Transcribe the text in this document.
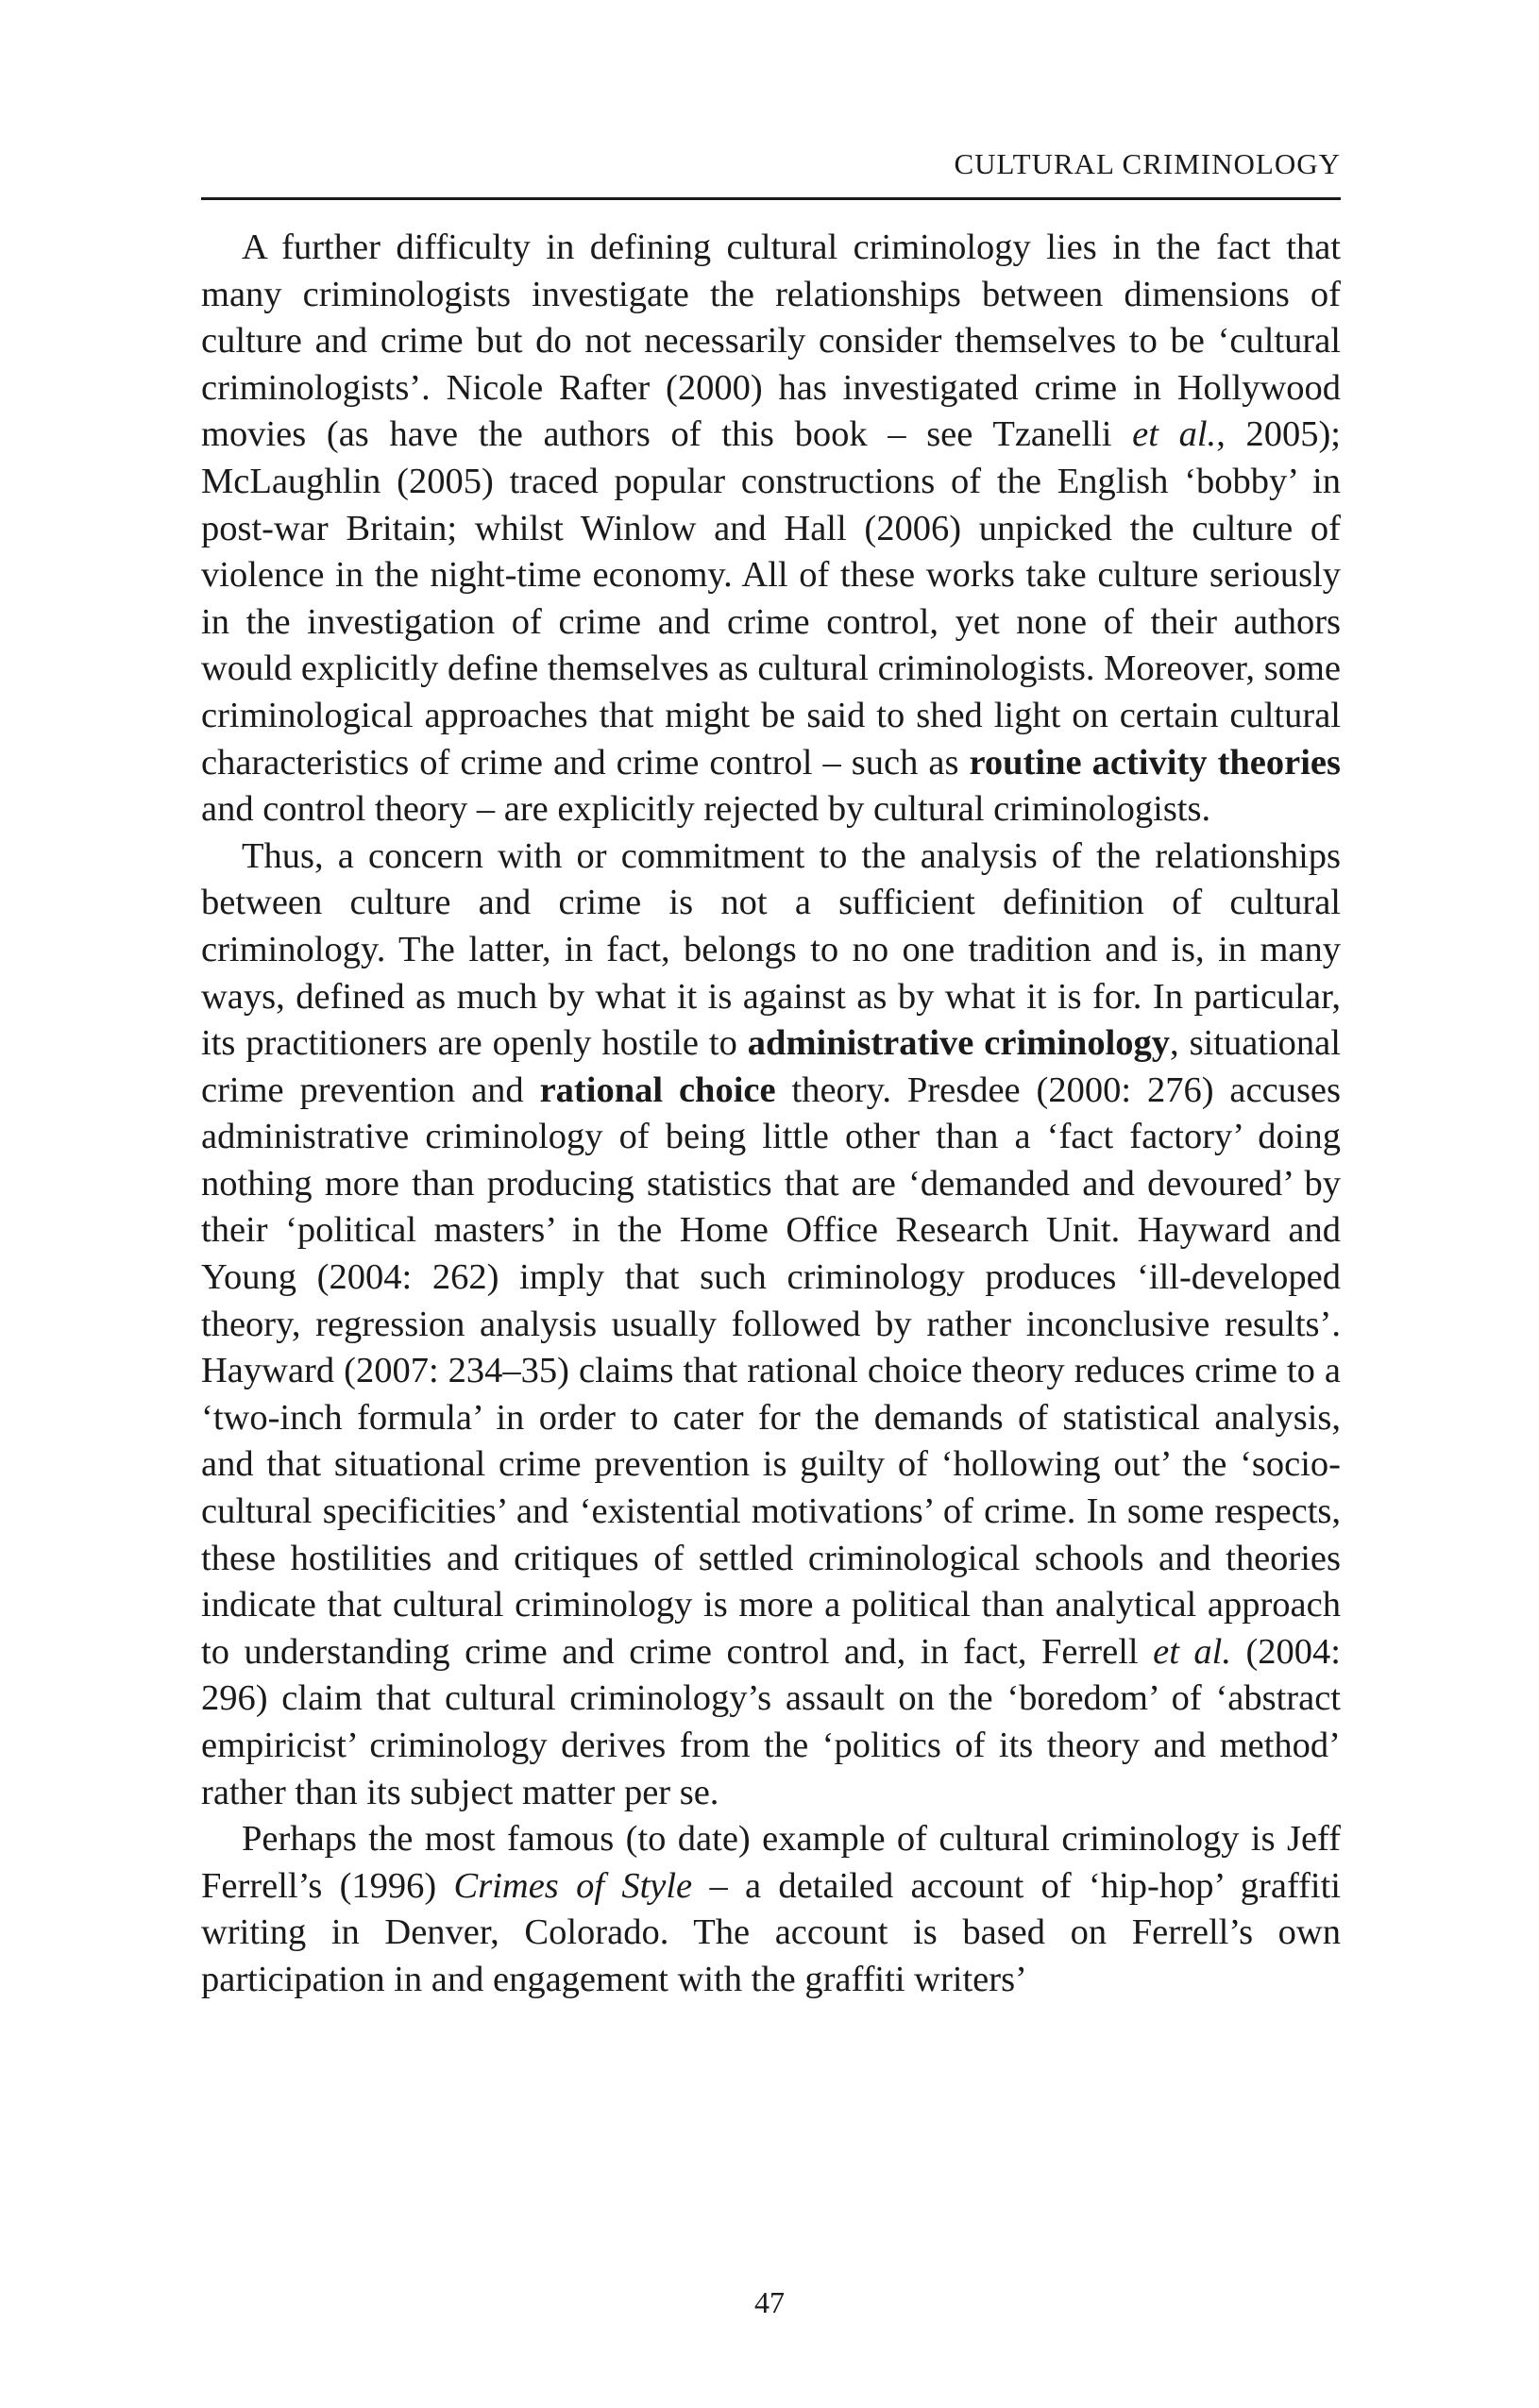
CULTURAL CRIMINOLOGY

A further difficulty in defining cultural criminology lies in the fact that many criminologists investigate the relationships between dimensions of culture and crime but do not necessarily consider themselves to be ‘cultural criminologists’. Nicole Rafter (2000) has investigated crime in Hollywood movies (as have the authors of this book – see Tzanelli et al., 2005); McLaughlin (2005) traced popular constructions of the English ‘bobby’ in post-war Britain; whilst Winlow and Hall (2006) unpicked the culture of violence in the night-time economy. All of these works take culture seriously in the investigation of crime and crime control, yet none of their authors would explicitly define themselves as cultural criminologists. Moreover, some criminological approaches that might be said to shed light on certain cultural characteristics of crime and crime control – such as routine activity theories and control theory – are explicitly rejected by cultural criminologists.

Thus, a concern with or commitment to the analysis of the relationships between culture and crime is not a sufficient definition of cultural criminology. The latter, in fact, belongs to no one tradition and is, in many ways, defined as much by what it is against as by what it is for. In particular, its practitioners are openly hostile to administrative criminology, situational crime prevention and rational choice theory. Presdee (2000: 276) accuses administrative criminology of being little other than a ‘fact factory’ doing nothing more than producing statistics that are ‘demanded and devoured’ by their ‘political masters’ in the Home Office Research Unit. Hayward and Young (2004: 262) imply that such criminology produces ‘ill-developed theory, regression analysis usually followed by rather inconclusive results’. Hayward (2007: 234–35) claims that rational choice theory reduces crime to a ‘two-inch formula’ in order to cater for the demands of statistical analysis, and that situational crime prevention is guilty of ‘hollowing out’ the ‘socio-cultural specificities’ and ‘existential motivations’ of crime. In some respects, these hostilities and critiques of settled criminological schools and theories indicate that cultural criminology is more a political than analytical approach to understanding crime and crime control and, in fact, Ferrell et al. (2004: 296) claim that cultural criminology’s assault on the ‘boredom’ of ‘abstract empiricist’ criminology derives from the ‘politics of its theory and method’ rather than its subject matter per se.

Perhaps the most famous (to date) example of cultural criminology is Jeff Ferrell’s (1996) Crimes of Style – a detailed account of ‘hip-hop’ graffiti writing in Denver, Colorado. The account is based on Ferrell’s own participation in and engagement with the graffiti writers’

47
